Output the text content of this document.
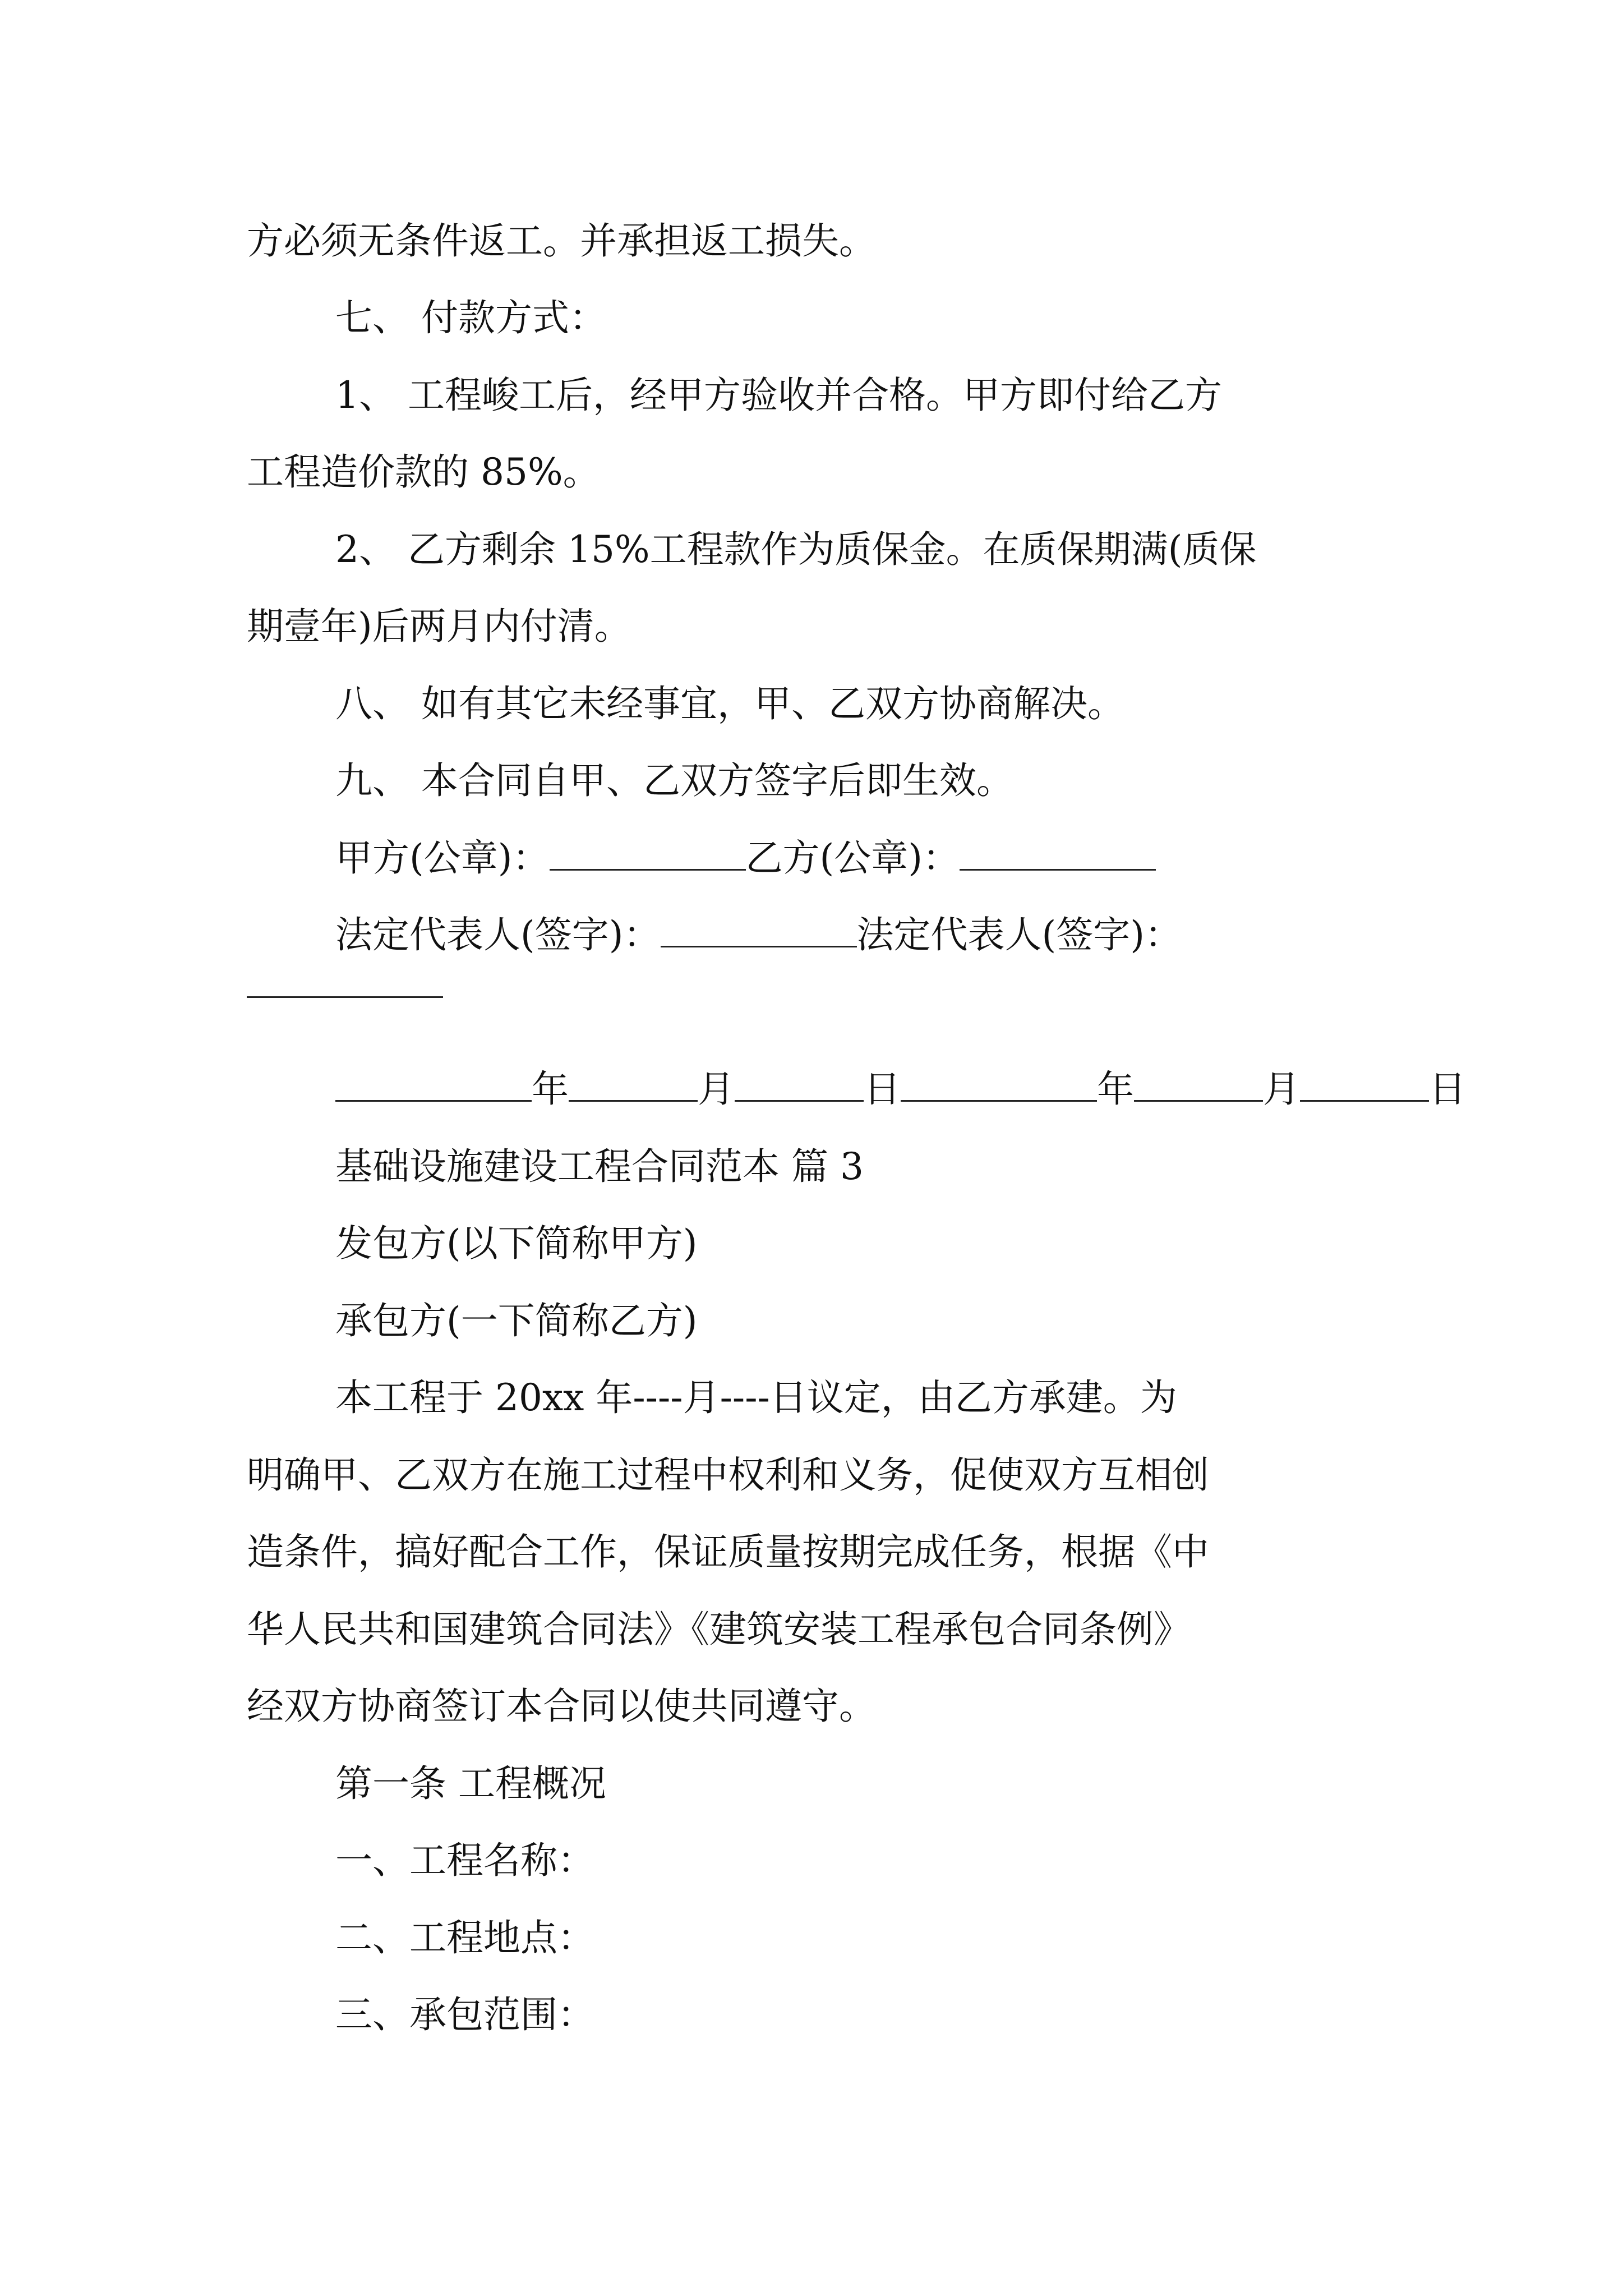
方必须无条件返工。并承担返工损失。
七、 付款方式：
1、 工程峻工后，经甲方验收并合格。甲方即付给乙方
工程造价款的 85%。
2、 乙方剩余 15%工程款作为质保金。在质保期满(质保
期壹年)后两月内付清。
八、 如有其它未经事宜，甲、乙双方协商解决。
九、 本合同自甲、乙双方签字后即生效。
甲方(公章)：	乙方(公章)：
法定代表人(签字)：	法定代表人(签字)：
年	月	日	年	月	日
基础设施建设工程合同范本 篇 3
发包方(以下简称甲方)
承包方(一下简称乙方)
本工程于 20xx 年----月----日议定，由乙方承建。为
明确甲、乙双方在施工过程中权利和义务，促使双方互相创
造条件，搞好配合工作，保证质量按期完成任务，根据《中
华人民共和国建筑合同法》《建筑安装工程承包合同条例》
经双方协商签订本合同以使共同遵守。
第一条 工程概况
一、工程名称：
二、工程地点：
三、承包范围：
